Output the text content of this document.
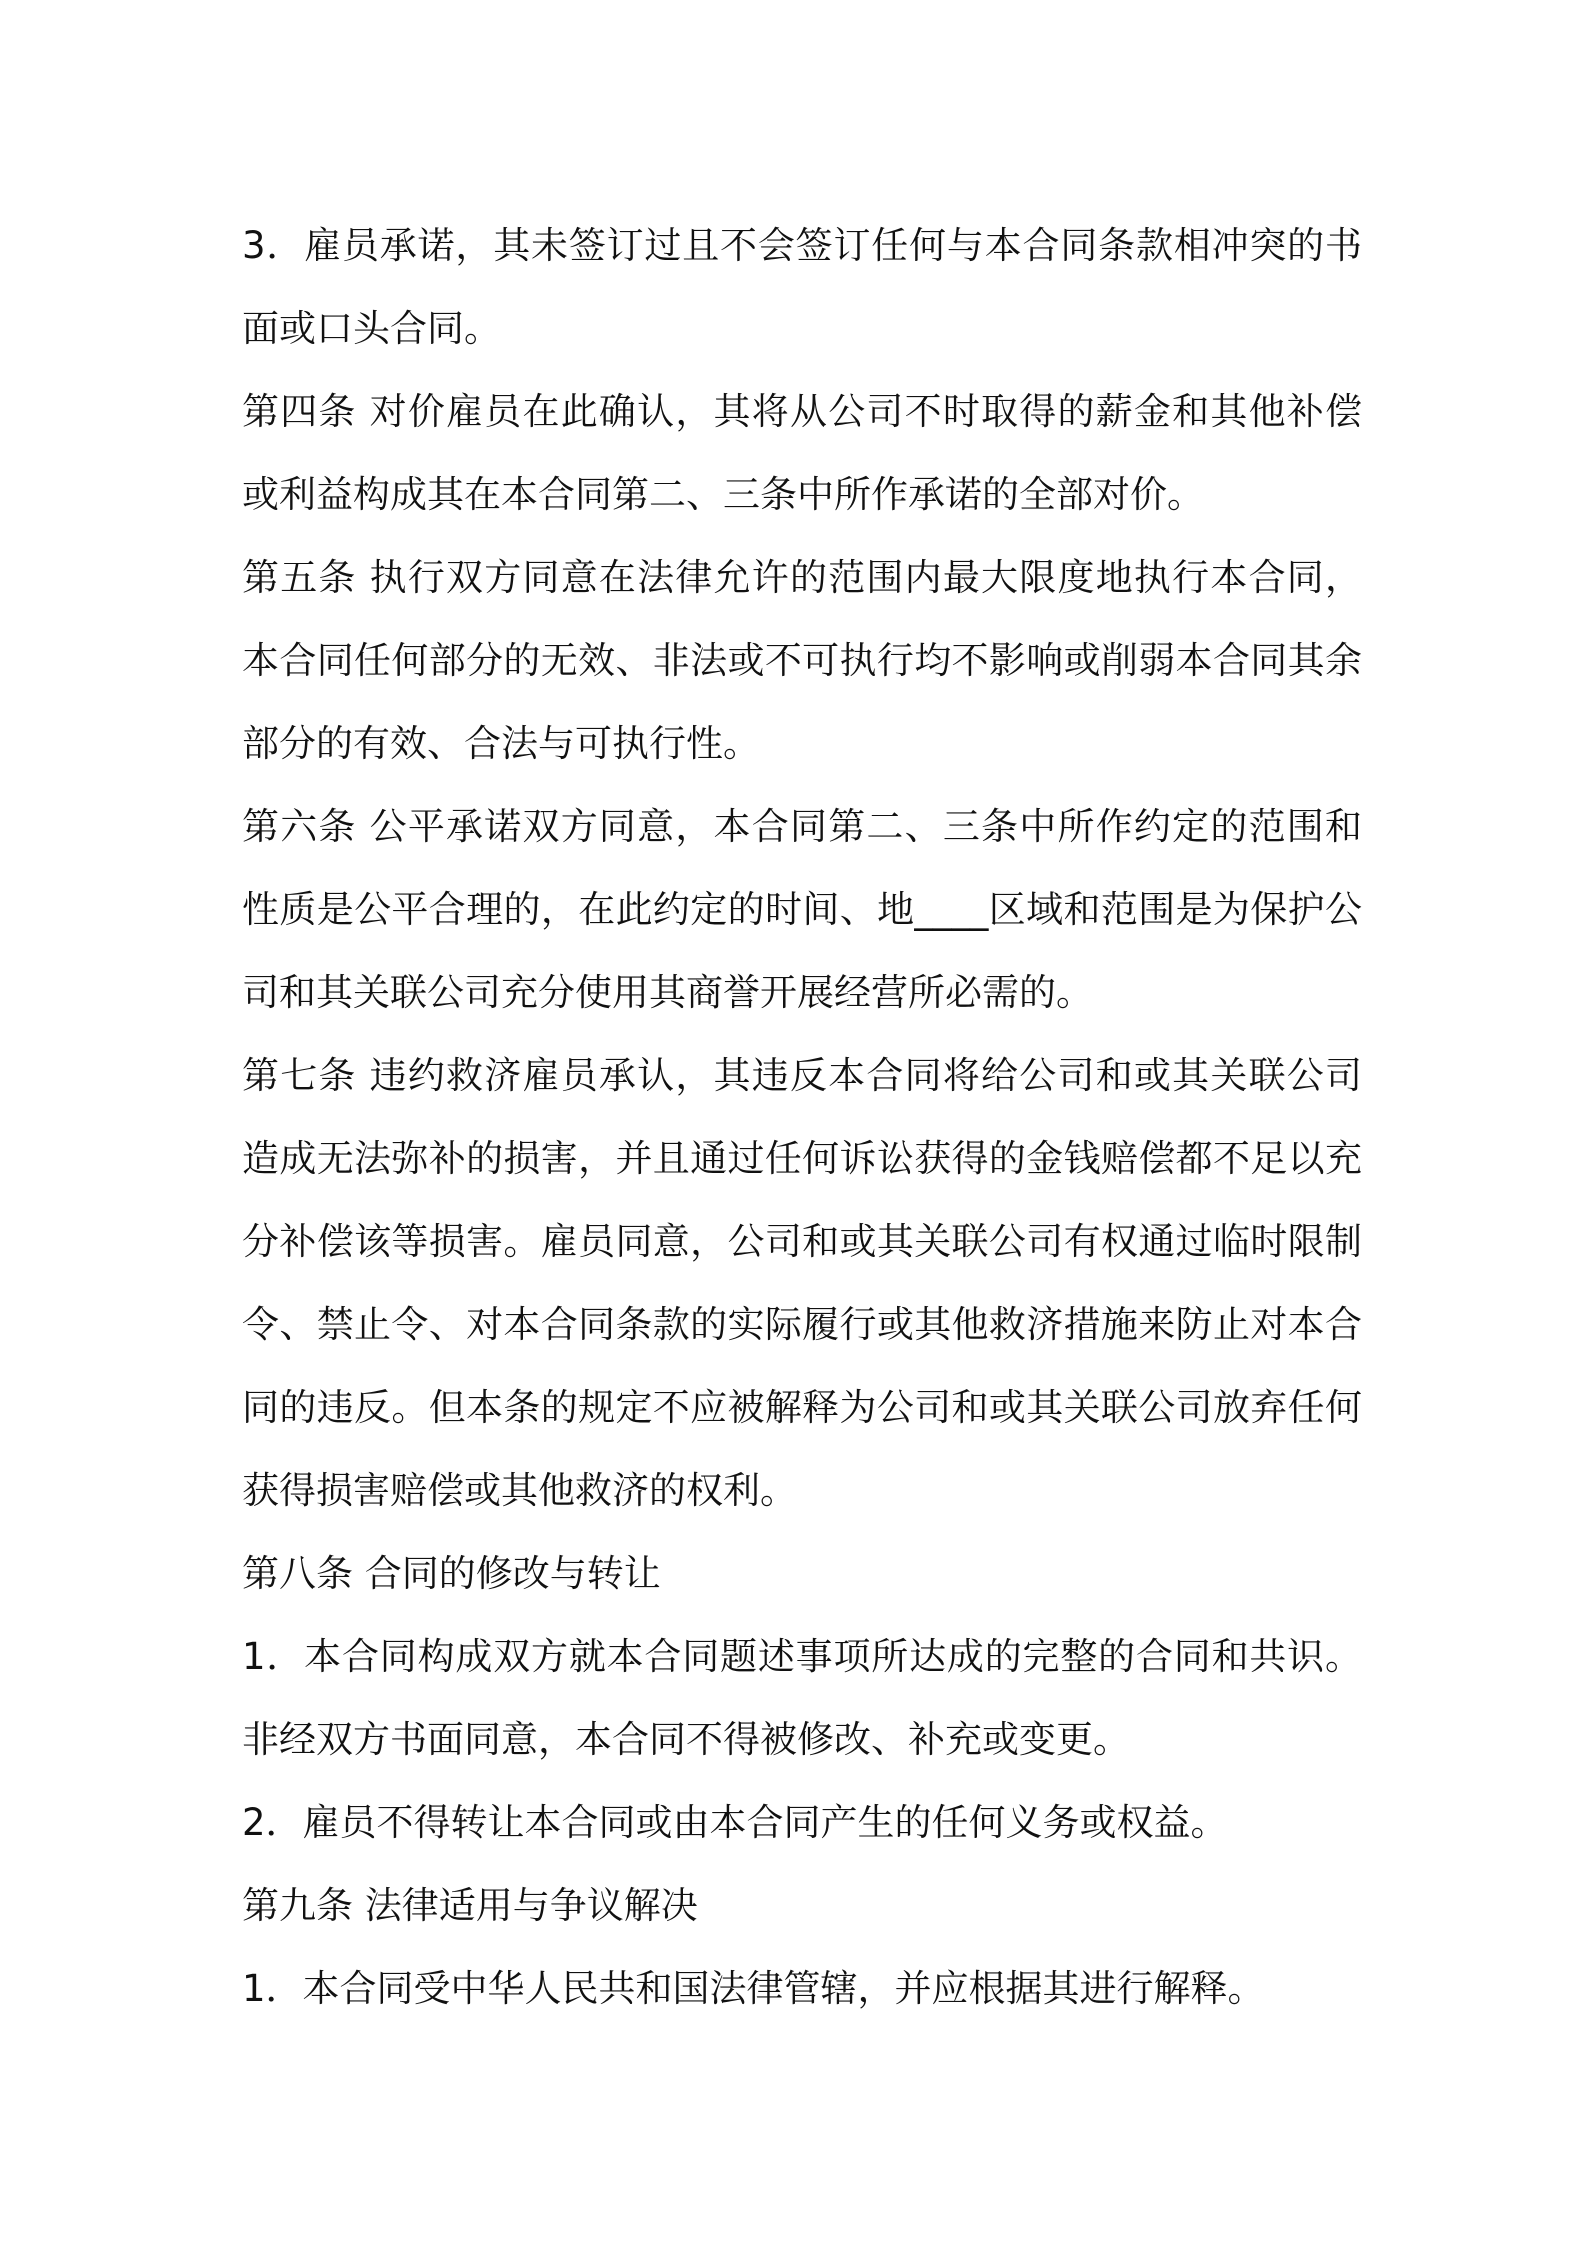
3．雇员承诺，其未签订过且不会签订任何与本合同条款相冲突的书面或口头合同。

第四条 对价雇员在此确认，其将从公司不时取得的薪金和其他补偿或利益构成其在本合同第二、三条中所作承诺的全部对价。

第五条 执行双方同意在法律允许的范围内最大限度地执行本合同，本合同任何部分的无效、非法或不可执行均不影响或削弱本合同其余部分的有效、合法与可执行性。

第六条 公平承诺双方同意，本合同第二、三条中所作约定的范围和性质是公平合理的，在此约定的时间、地____区域和范围是为保护公司和其关联公司充分使用其商誉开展经营所必需的。

第七条 违约救济雇员承认，其违反本合同将给公司和或其关联公司造成无法弥补的损害，并且通过任何诉讼获得的金钱赔偿都不足以充分补偿该等损害。雇员同意，公司和或其关联公司有权通过临时限制令、禁止令、对本合同条款的实际履行或其他救济措施来防止对本合同的违反。但本条的规定不应被解释为公司和或其关联公司放弃任何获得损害赔偿或其他救济的权利。

第八条 合同的修改与转让

1．本合同构成双方就本合同题述事项所达成的完整的合同和共识。非经双方书面同意，本合同不得被修改、补充或变更。

2．雇员不得转让本合同或由本合同产生的任何义务或权益。

第九条 法律适用与争议解决

1．本合同受中华人民共和国法律管辖，并应根据其进行解释。
